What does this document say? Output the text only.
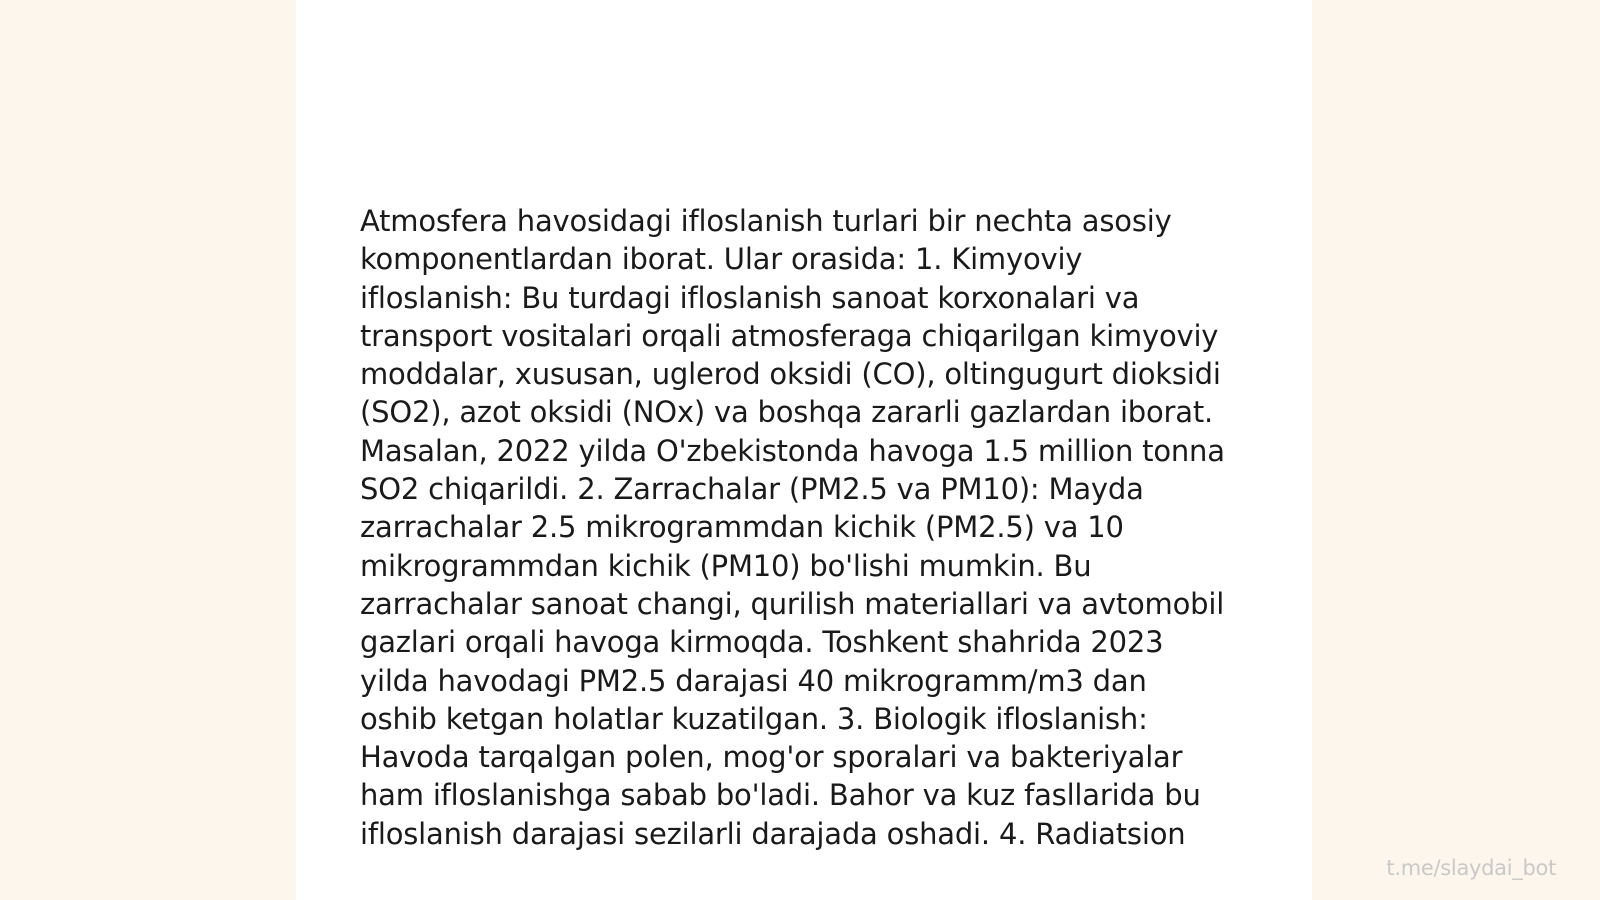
Atmosfera havosidagi ifloslanish turlari bir nechta asosiy komponentlardan iborat. Ular orasida: 1. Kimyoviy ifloslanish: Bu turdagi ifloslanish sanoat korxonalari va transport vositalari orqali atmosferaga chiqarilgan kimyoviy moddalar, xususan, uglerod oksidi (CO), oltingugurt dioksidi (SO2), azot oksidi (NOx) va boshqa zararli gazlardan iborat. Masalan, 2022 yilda O'zbekistonda havoga 1.5 million tonna SO2 chiqarildi. 2. Zarrachalar (PM2.5 va PM10): Mayda zarrachalar 2.5 mikrogrammdan kichik (PM2.5) va 10 mikrogrammdan kichik (PM10) bo'lishi mumkin. Bu zarrachalar sanoat changi, qurilish materiallari va avtomobil gazlari orqali havoga kirmoqda. Toshkent shahrida 2023 yilda havodagi PM2.5 darajasi 40 mikrogramm/m3 dan oshib ketgan holatlar kuzatilgan. 3. Biologik ifloslanish: Havoda tarqalgan polen, mog'or sporalari va bakteriyalar ham ifloslanishga sabab bo'ladi. Bahor va kuz fasllarida bu ifloslanish darajasi sezilarli darajada oshadi. 4. Radiatsion

t.me/slaydai_bot
